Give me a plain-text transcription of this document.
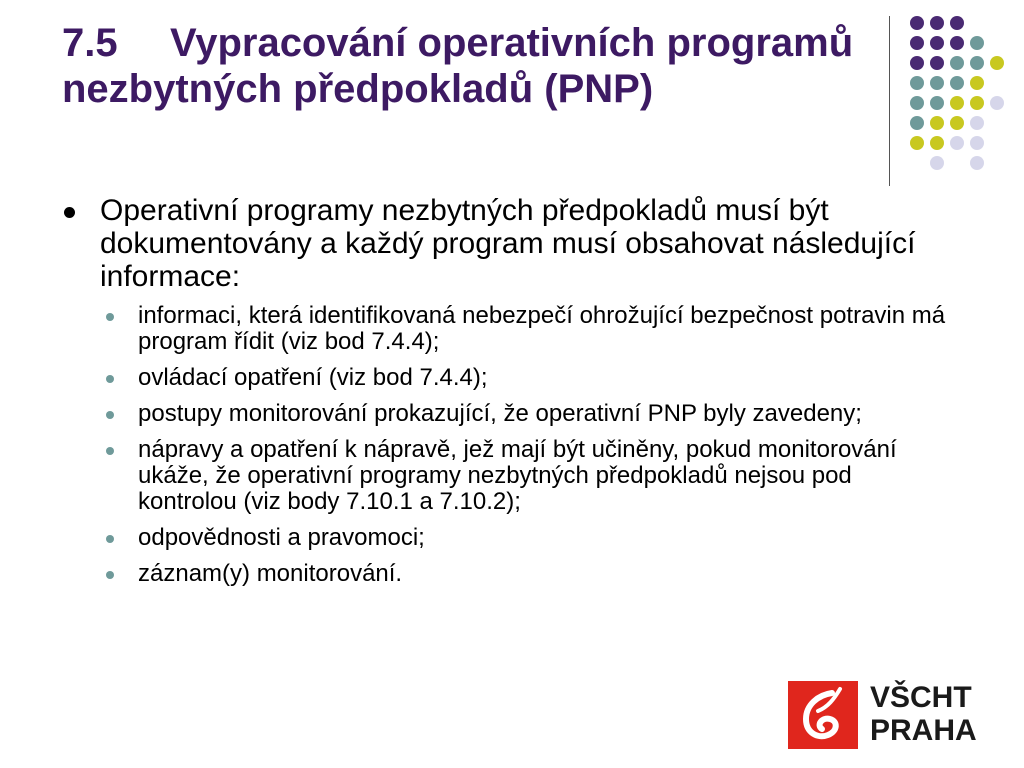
7.5 Vypracování operativních programů nezbytných předpokladů (PNP)
Operativní programy nezbytných předpokladů musí být dokumentovány a každý program musí obsahovat následující informace:
informaci, která identifikovaná nebezpečí ohrožující bezpečnost potravin má program řídit (viz bod 7.4.4);
ovládací opatření (viz bod 7.4.4);
postupy monitorování prokazující, že operativní PNP byly zavedeny;
nápravy a opatření k nápravě, jež mají být učiněny, pokud monitorování ukáže, že operativní programy nezbytných předpokladů nejsou pod kontrolou (viz body 7.10.1 a 7.10.2);
odpovědnosti a pravomoci;
záznam(y) monitorování.
VŠCHT
PRAHA
